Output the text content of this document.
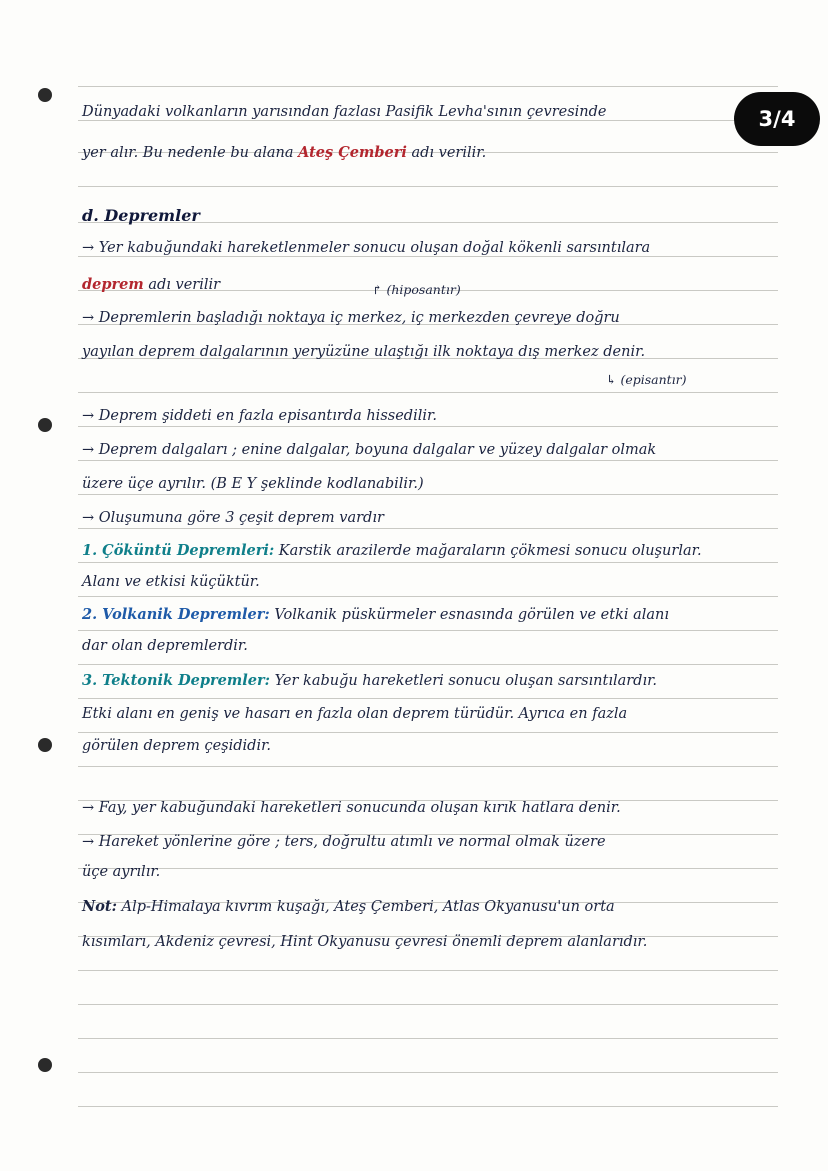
3/4
Dünyadaki volkanların yarısından fazlası Pasifik Levha'sının çevresinde
yer alır. Bu nedenle bu alana Ateş Çemberi adı verilir.
d. Depremler
→ Yer kabuğundaki hareketlenmeler sonucu oluşan doğal kökenli sarsıntılara
deprem adı verilir	↱ (hiposantır)
→ Depremlerin başladığı noktaya iç merkez, iç merkezden çevreye doğru
yayılan deprem dalgalarının yeryüzüne ulaştığı ilk noktaya dış merkez denir.
↳ (episantır)
→ Deprem şiddeti en fazla episantırda hissedilir.
→ Deprem dalgaları ; enine dalgalar, boyuna dalgalar ve yüzey dalgalar olmak
üzere üçe ayrılır. (B E Y şeklinde kodlanabilir.)
→ Oluşumuna göre 3 çeşit deprem vardır
1. Çöküntü Depremleri: Karstik arazilerde mağaraların çökmesi sonucu oluşurlar.
Alanı ve etkisi küçüktür.
2. Volkanik Depremler: Volkanik püskürmeler esnasında görülen ve etki alanı
dar olan depremlerdir.
3. Tektonik Depremler: Yer kabuğu hareketleri sonucu oluşan sarsıntılardır.
Etki alanı en geniş ve hasarı en fazla olan deprem türüdür. Ayrıca en fazla
görülen deprem çeşididir.
→ Fay, yer kabuğundaki hareketleri sonucunda oluşan kırık hatlara denir.
→ Hareket yönlerine göre ; ters, doğrultu atımlı ve normal olmak üzere
üçe ayrılır.
Not: Alp-Himalaya kıvrım kuşağı, Ateş Çemberi, Atlas Okyanusu'un orta
kısımları, Akdeniz çevresi, Hint Okyanusu çevresi önemli deprem alanlarıdır.
